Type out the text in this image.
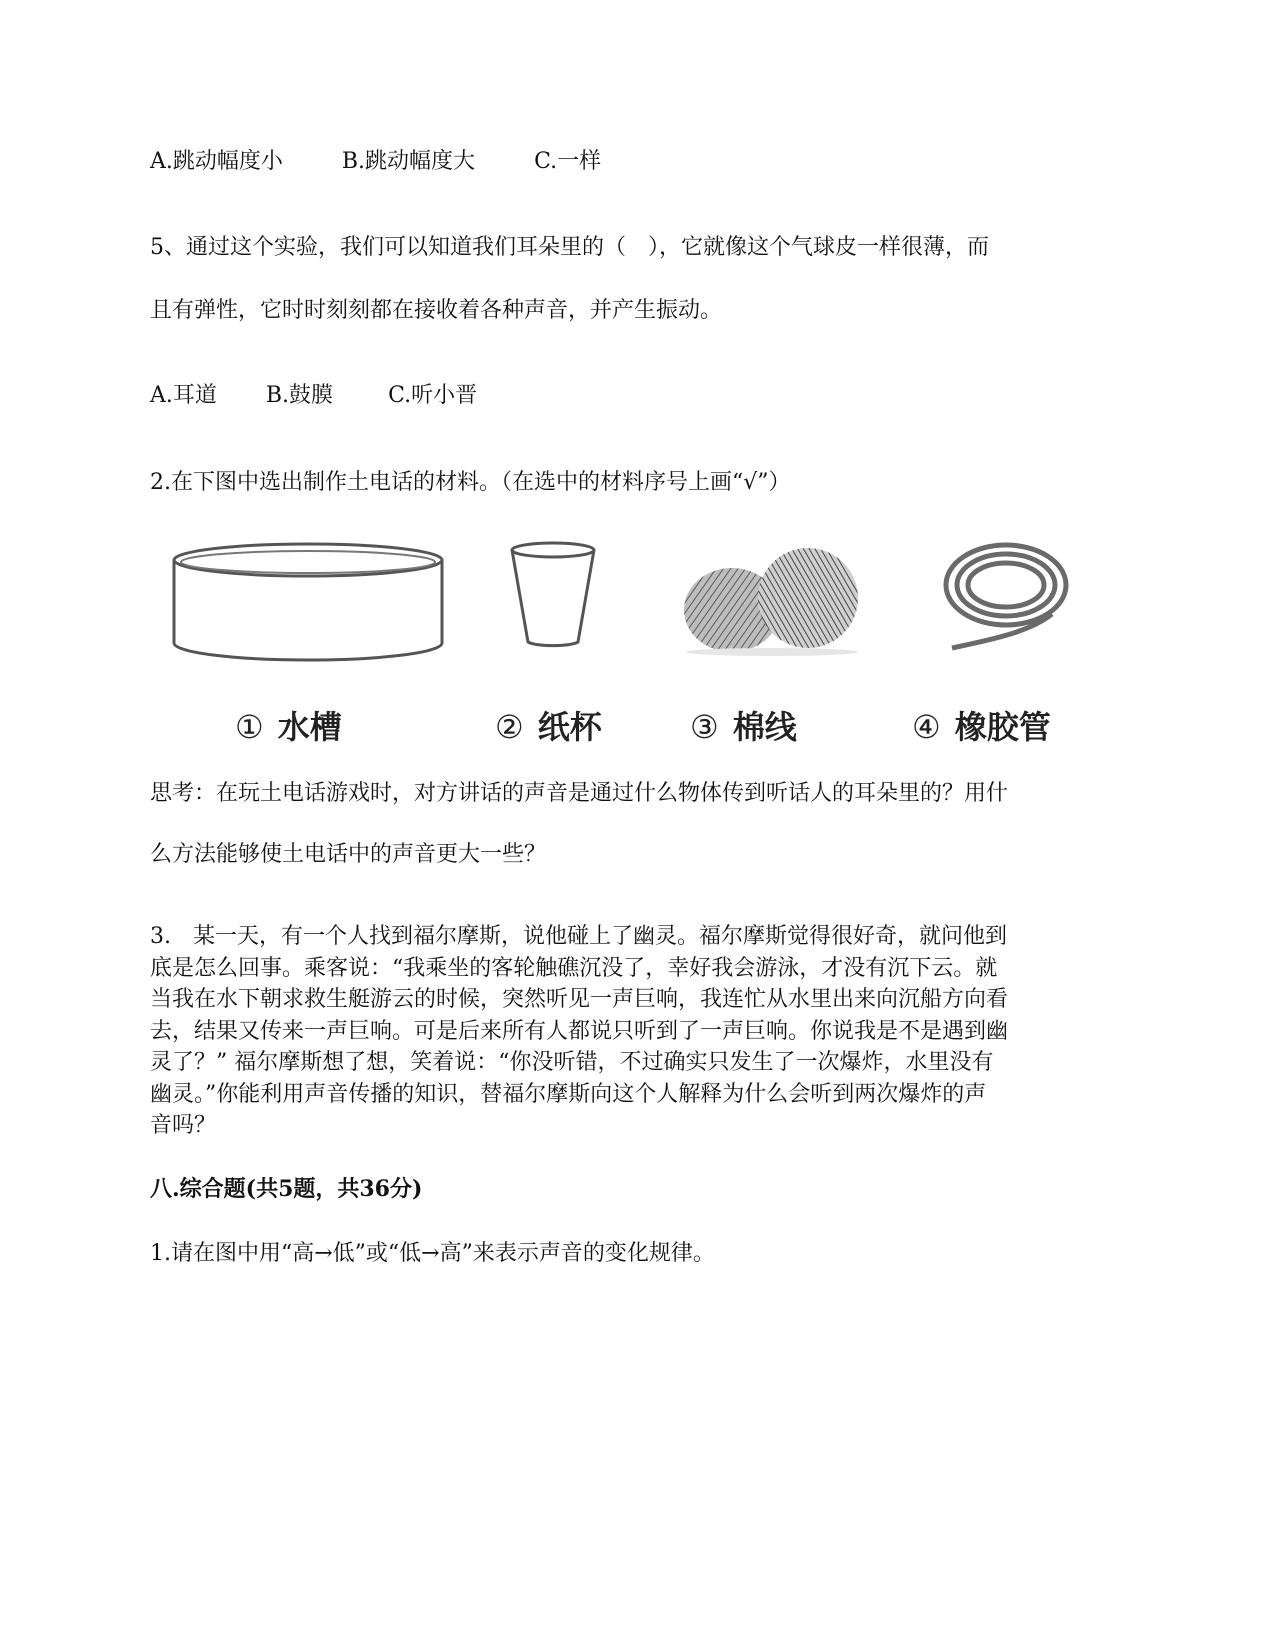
A.跳动幅度小	B.跳动幅度大	C.一样
5、通过这个实验，我们可以知道我们耳朵里的（　），它就像这个气球皮一样很薄，而
且有弹性，它时时刻刻都在接收着各种声音，并产生振动。
A.耳道 B.鼓膜	C.听小晋
2.在下图中选出制作土电话的材料。（在选中的材料序号上画“√”）
① 水槽	② 纸杯	③ 棉线	④ 橡胶管
思考：在玩土电话游戏时，对方讲话的声音是通过什么物体传到听话人的耳朵里的？用什
么方法能够使土电话中的声音更大一些？
3.　某一天，有一个人找到福尔摩斯，说他碰上了幽灵。福尔摩斯觉得很好奇，就问他到
底是怎么回事。乘客说：“我乘坐的客轮触礁沉没了，幸好我会游泳，才没有沉下云。就
当我在水下朝求救生艇游云的时候，突然听见一声巨响，我连忙从水里出来向沉船方向看
去，结果又传来一声巨响。可是后来所有人都说只听到了一声巨响。你说我是不是遇到幽
灵了？” 福尔摩斯想了想，笑着说：“你没听错，不过确实只发生了一次爆炸，水里没有
幽灵。”你能利用声音传播的知识，替福尔摩斯向这个人解释为什么会听到两次爆炸的声
音吗？
八.综合题(共5题，共36分)
1.请在图中用“高→低”或“低→高”来表示声音的变化规律。
